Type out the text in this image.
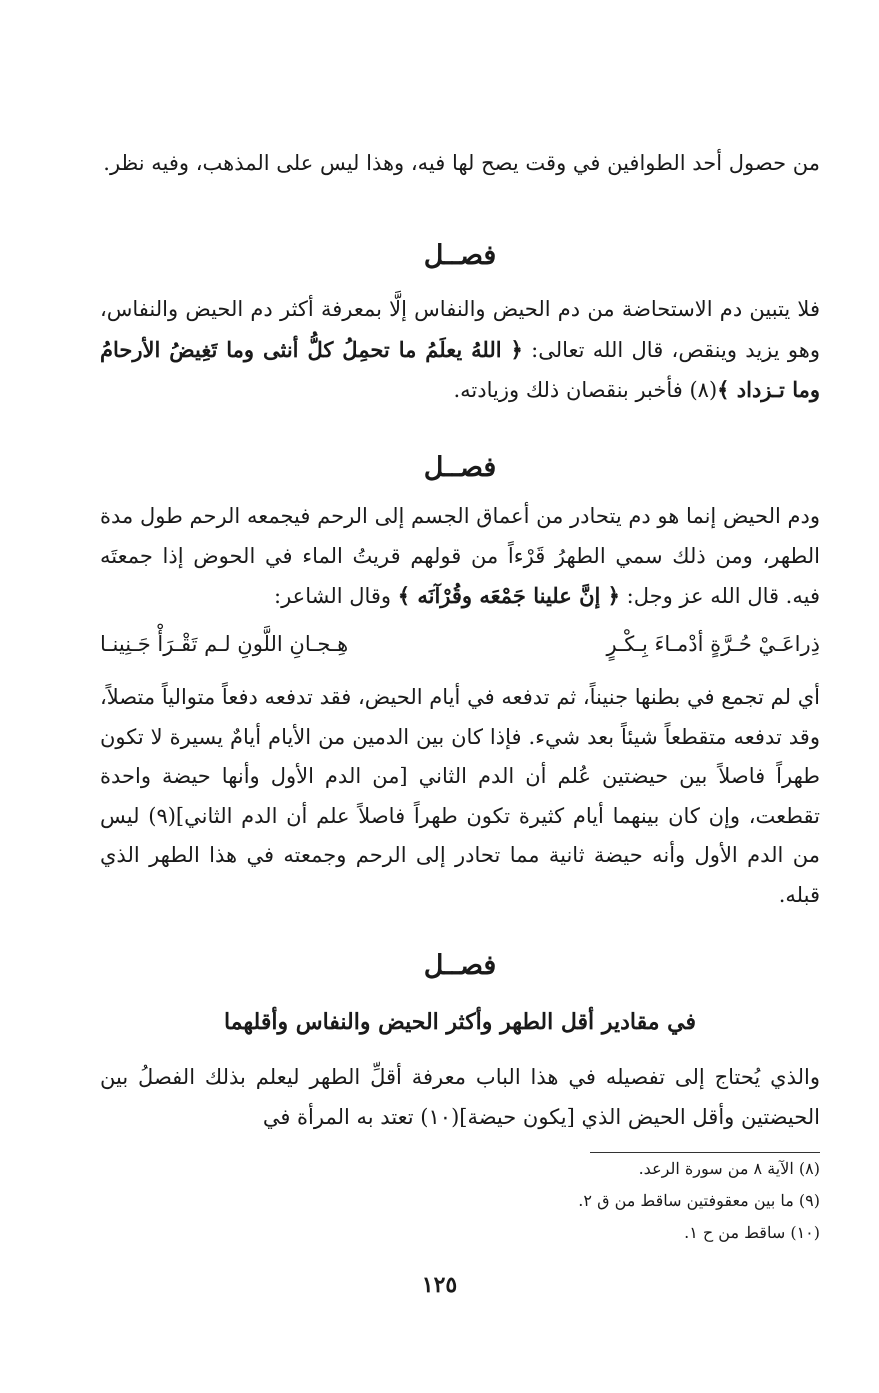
من حصول أحد الطوافين في وقت يصح لها فيه، وهذا ليس على المذهب، وفيه نظر.
فصــل
فلا يتبين دم الاستحاضة من دم الحيض والنفاس إلَّا بمعرفة أكثر دم الحيض والنفاس، وهو يزيد وينقص، قال الله تعالى: ﴿ اللهُ يعلَمُ ما تحمِلُ كلُّ أنثى وما تَغِيضُ الأرحامُ وما تـزداد ﴾(٨) فأخبر بنقصان ذلك وزيادته.
فصــل
ودم الحيض إنما هو دم يتحادر من أعماق الجسم إلى الرحم فيجمعه الرحم طول مدة الطهر، ومن ذلك سمي الطهرُ قَرْءاً من قولهم قريتُ الماء في الحوض إذا جمعتَه فيه. قال الله عز وجل: ﴿ إنَّ علينا جَمْعَه وقُرْآنَه ﴾ وقال الشاعر:
ذِراعَـيْ حُـرَّةٍ أدْمـاءَ بِـكْـرٍ
هِـجـانِ اللَّونِ لـم تَقْـرَأْ جَـنِينـا
أي لم تجمع في بطنها جنيناً، ثم تدفعه في أيام الحيض، فقد تدفعه دفعاً متوالياً متصلاً، وقد تدفعه متقطعاً شيئاً بعد شيء. فإذا كان بين الدمين من الأيام أيامٌ يسيرة لا تكون طهراً فاصلاً بين حيضتين عُلم أن الدم الثاني [من الدم الأول وأنها حيضة واحدة تقطعت، وإن كان بينهما أيام كثيرة تكون طهراً فاصلاً علم أن الدم الثاني](٩) ليس من الدم الأول وأنه حيضة ثانية مما تحادر إلى الرحم وجمعته في هذا الطهر الذي قبله.
فصــل
في مقادير أقل الطهر وأكثر الحيض والنفاس وأقلهما
والذي يُحتاج إلى تفصيله في هذا الباب معرفة أقلِّ الطهر ليعلم بذلك الفصلُ بين الحيضتين وأقل الحيض الذي [يكون حيضة](١٠) تعتد به المرأة في
(٨) الآية ٨ من سورة الرعد.
(٩) ما بين معقوفتين ساقط من ق ٢.
(١٠) ساقط من ح ١.
١٢٥
